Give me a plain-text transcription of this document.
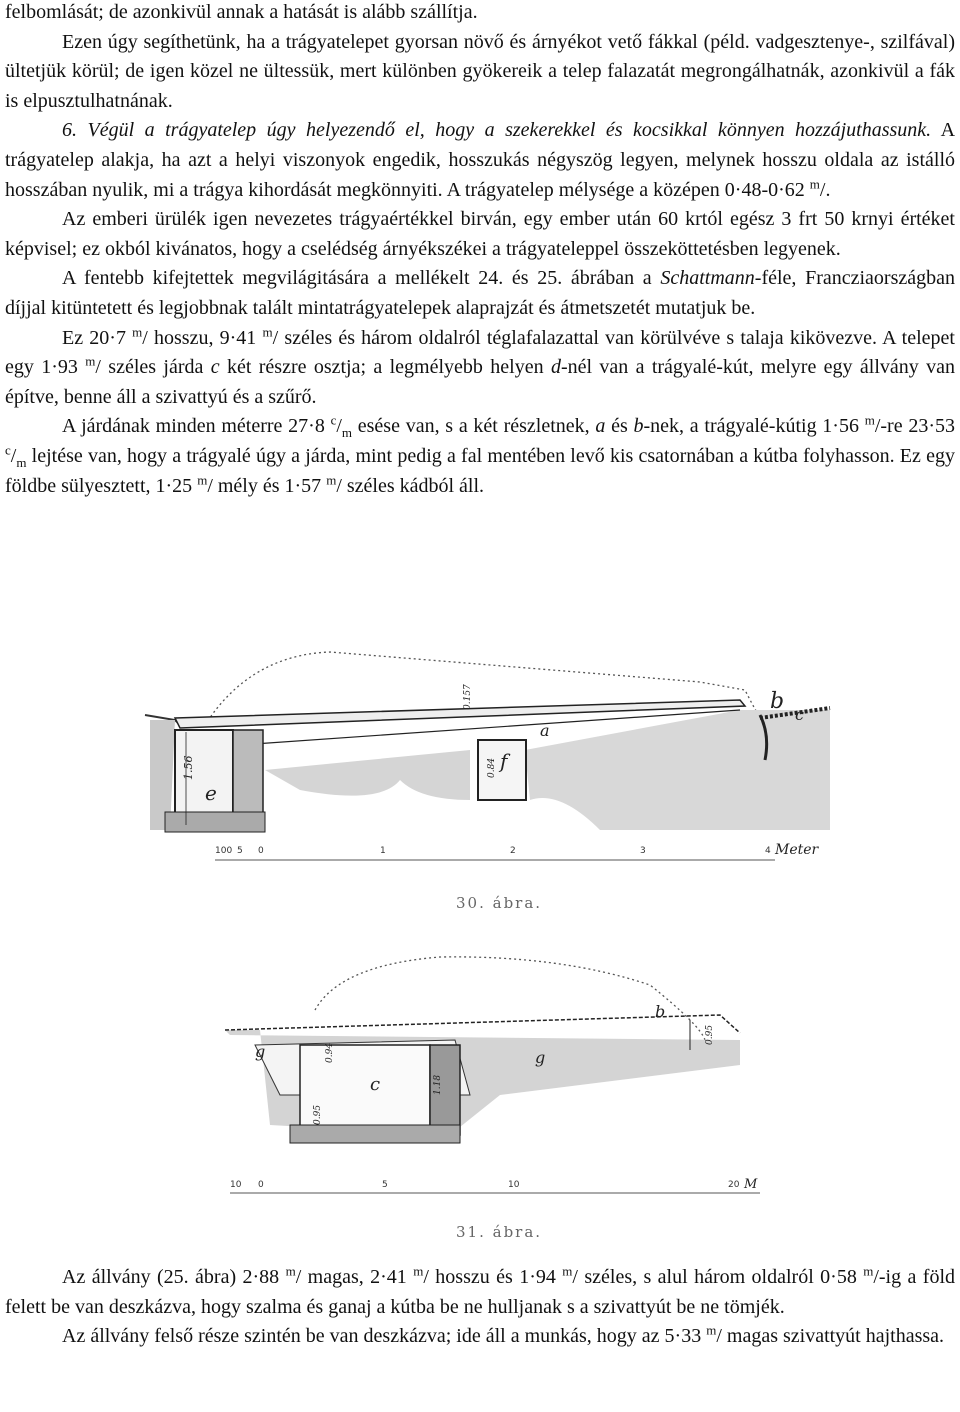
felbomlását; de azonkivül annak a hatását is alább szállítja.

Ezen úgy segíthetünk, ha a trágyatelepet gyorsan növő és árnyékot vető fákkal (péld. vadgesztenye-, szilfával) ültetjük körül; de igen közel ne ültessük, mert különben gyökereik a telep falazatát megrongálhatnák, azonkivül a fák is elpusztulhatnának.

6. Végül a trágyatelep úgy helyezendő el, hogy a szekerekkel és kocsikkal könnyen hozzájuthassunk. A trágyatelep alakja, ha azt a helyi viszonyok engedik, hosszukás négyszög legyen, melynek hosszu oldala az istálló hosszában nyulik, mi a trágya kihordását megkönnyiti. A trágyatelep mélysége a középen 0·48-0·62 $^m$/.

Az emberi ürülék igen nevezetes trágyaértékkel birván, egy ember után 60 krtól egész 3 frt 50 krnyi értéket képvisel; ez okból kivánatos, hogy a cselédség árnyékszékei a trágyateleppel összeköttetésben legyenek.

A fentebb kifejtettek megvilágitására a mellékelt 24. és 25. ábrában a Schattmann-féle, Francziaországban díjjal kitüntetett és legjobbnak talált mintatrágyatelepek alaprajzát és átmetszetét mutatjuk be.

Ez 20·7 $^m$/ hosszu, 9·41 $^m$/ széles és három oldalról téglafalazattal van körülvéve s talaja kikövezve. A telepet egy 1·93 $^m$/ széles járda c két részre osztja; a legmélyebb helyen d-nél van a trágyalé-kút, melyre egy állvány van építve, benne áll a szivattyú és a szűrő.

A járdának minden méterre 27·8 $^c/_m$ esése van, s a két részletnek, a és b-nek, a trágyalé-kútig 1·56 $^m$/-re 23·53 $^c/_m$ lejtése van, hogy a trágyalé úgy a járda, mint pedig a fal mentében levő kis csatornában a kútba folyhasson. Ez egy földbe sülyesztett, 1·25 $^m$/ mély és 1·57 $^m$/ széles kádból áll.

1.56
0.157
0.84
e
a
f
b
c
100 5 0	1	2	3	4 Meter
30. ábra.
0.94
1.18
0.95
0.95
b
c
g	g
10 0	5	10	20 M
31. ábra.

Az állvány (25. ábra) 2·88 $^m$/ magas, 2·41 $^m$/ hosszu és 1·94 $^m$/ széles, s alul három oldalról 0·58 $^m$/-ig a föld felett be van deszkázva, hogy szalma és ganaj a kútba be ne hulljanak s a szivattyút be ne tömjék.

Az állvány felső része szintén be van deszkázva; ide áll a munkás, hogy az 5·33 $^m$/ magas szivattyút hajthassa.
